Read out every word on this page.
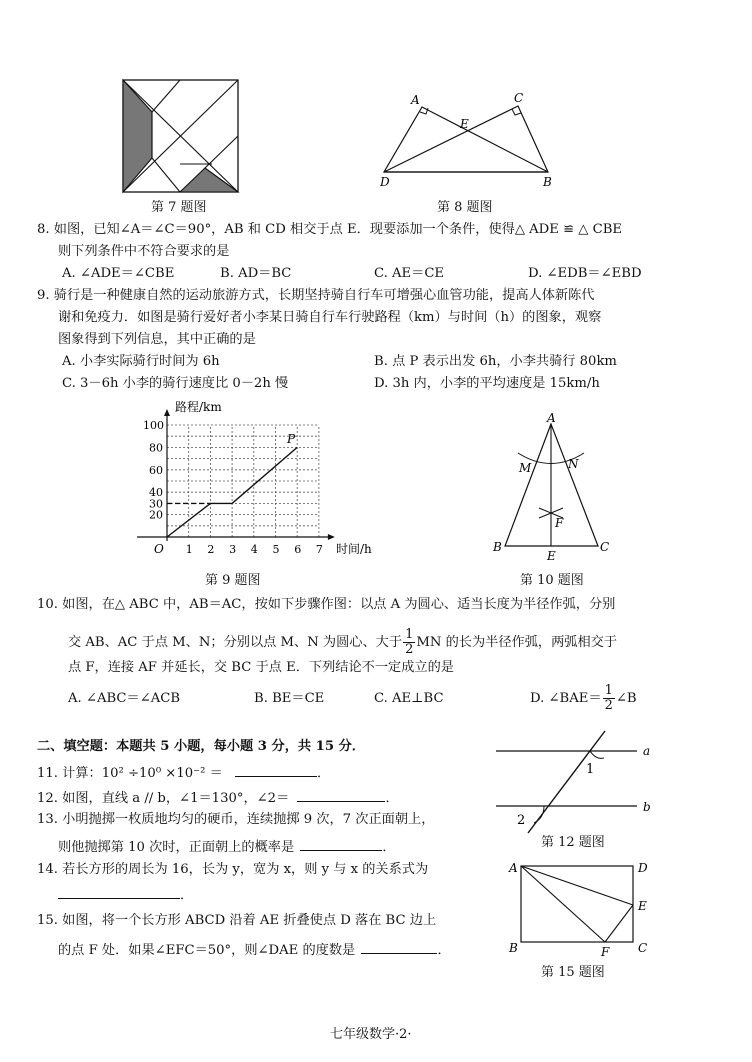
第 7 题图
A	C
E
D	B
第 8 题图
8. 如图，已知∠A＝∠C＝90°，AB 和 CD 相交于点 E．现要添加一个条件，使得△ ADE ≌ △ CBE
则下列条件中不符合要求的是
A. ∠ADE＝∠CBE	B. AD＝BC	C. AE＝CE	D. ∠EDB＝∠EBD
9. 骑行是一种健康自然的运动旅游方式，长期坚持骑自行车可增强心血管功能，提高人体新陈代
谢和免疫力．如图是骑行爱好者小李某日骑自行车行驶路程（km）与时间（h）的图象，观察
图象得到下列信息，其中正确的是
A. 小李实际骑行时间为 6h	B. 点 P 表示出发 6h，小李共骑行 80km
C. 3－6h 小李的骑行速度比 0－2h 慢	D. 3h 内，小李的平均速度是 15km/h
1 2 3 4 5 6 7
20
30
40
60
80
100
路程/km
时间/h
O
P
第 9 题图
A
M	N
F
B
E
C
第 10 题图
10. 如图，在△ ABC 中，AB＝AC，按如下步骤作图：以点 A 为圆心、适当长度为半径作弧，分别
交 AB、AC 于点 M、N；分别以点 M、N 为圆心、大于 $\frac{1}{2}$ MN 的长为半径作弧，两弧相交于
点 F，连接 AF 并延长，交 BC 于点 E．下列结论不一定成立的是
A. ∠ABC＝∠ACB	B. BE＝CE	C. AE⊥BC	D. ∠BAE＝ $\frac{1}{2}$ ∠B
二、填空题：本题共 5 小题，每小题 3 分，共 15 分．
11. 计算：10² ÷10⁰ ×10⁻² ＝	．
12. 如图，直线 a // b，∠1＝130°，∠2＝	．
13. 小明抛掷一枚质地均匀的硬币，连续抛掷 9 次，7 次正面朝上，
则他抛掷第 10 次时，正面朝上的概率是	．
14. 若长方形的周长为 16，长为 y，宽为 x，则 y 与 x 的关系式为
．
15. 如图，将一个长方形 ABCD 沿着 AE 折叠使点 D 落在 BC 边上
的点 F 处．如果∠EFC＝50°，则∠DAE 的度数是	．
a
b
1
2
第 12 题图
A	D
E
B	F C
第 15 题图
七年级数学·2·
